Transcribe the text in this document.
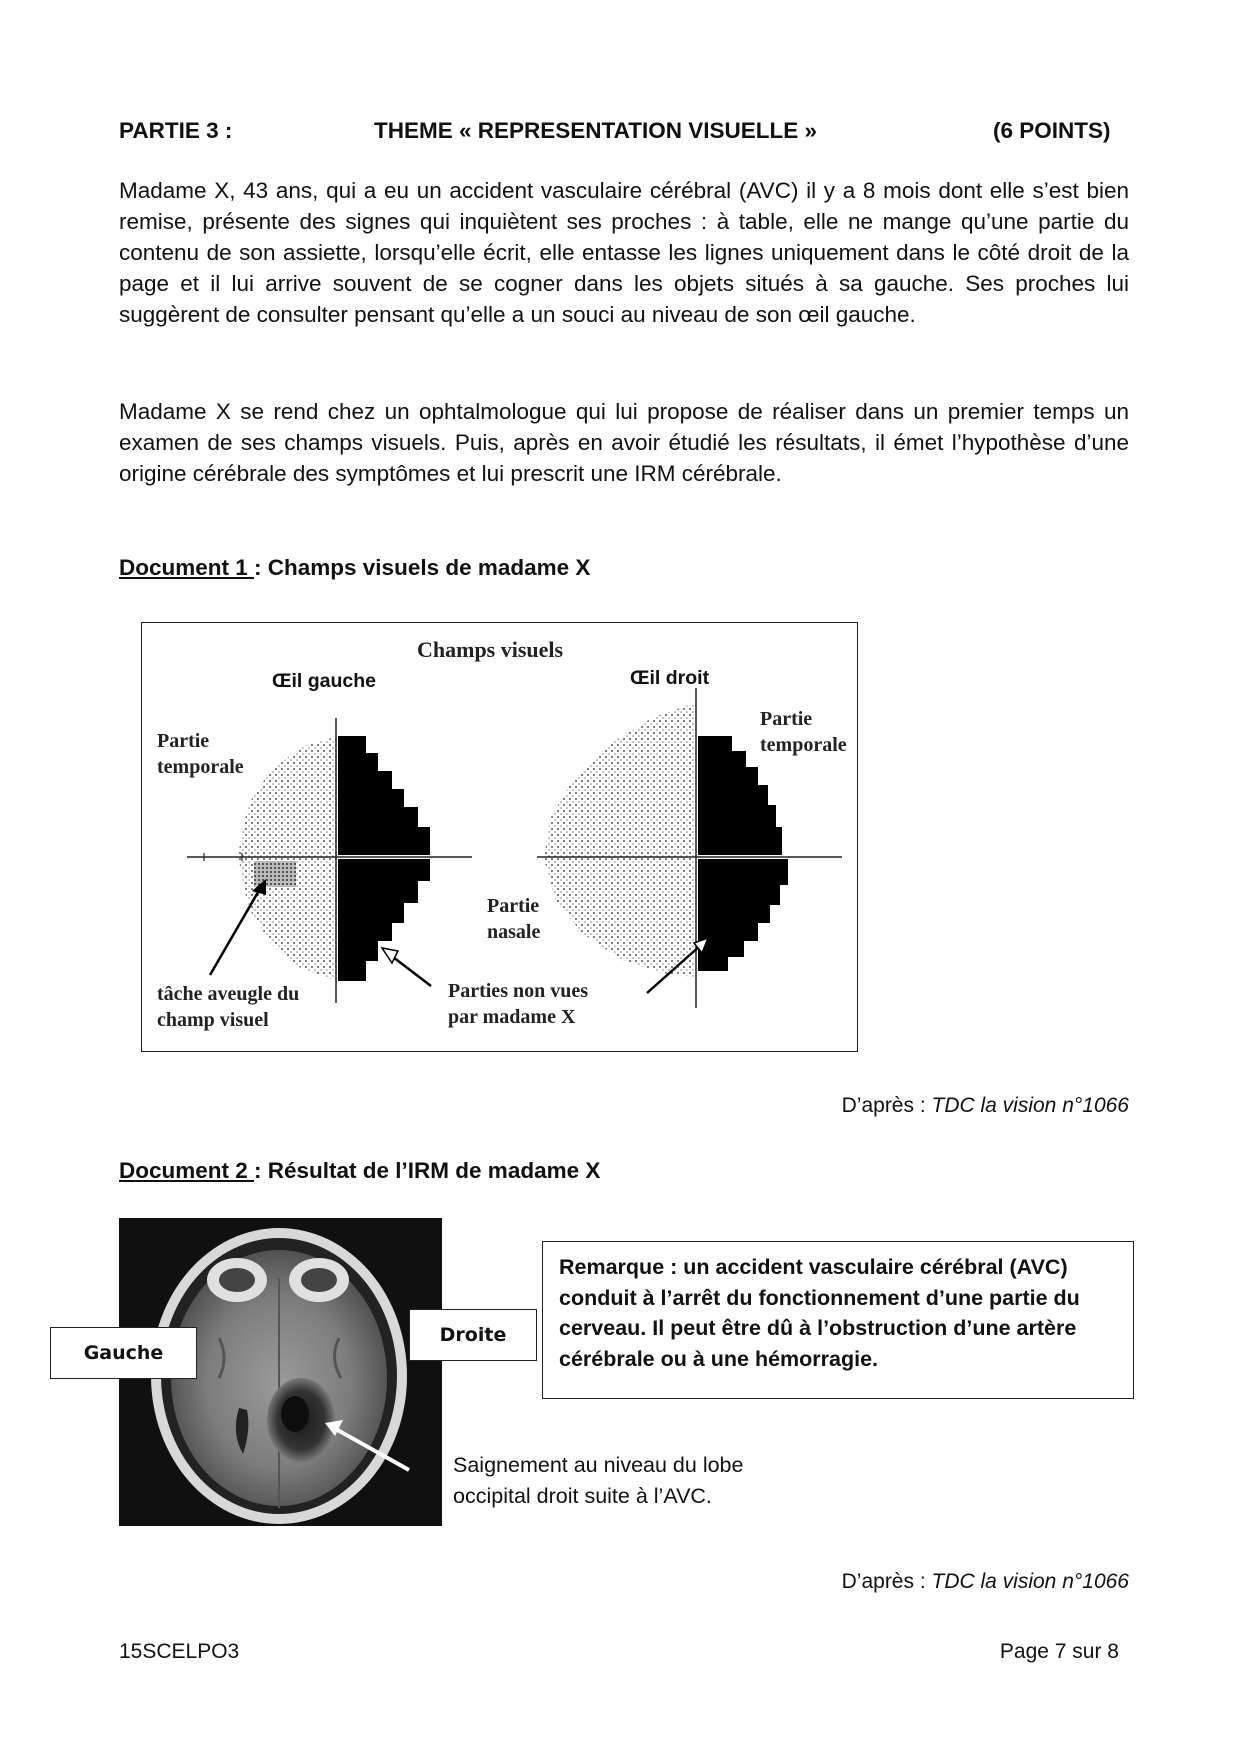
PARTIE 3 :	THEME « REPRESENTATION VISUELLE »	(6 POINTS)

Madame X, 43 ans, qui a eu un accident vasculaire cérébral (AVC) il y a 8 mois dont elle s’est bien remise, présente des signes qui inquiètent ses proches : à table, elle ne mange qu’une partie du contenu de son assiette, lorsqu’elle écrit, elle entasse les lignes uniquement dans le côté droit de la page et il lui arrive souvent de se cogner dans les objets situés à sa gauche. Ses proches lui suggèrent de consulter pensant qu’elle a un souci au niveau de son œil gauche.

Madame X se rend chez un ophtalmologue qui lui propose de réaliser dans un premier temps un examen de ses champs visuels. Puis, après en avoir étudié les résultats, il émet l’hypothèse d’une origine cérébrale des symptômes et lui prescrit une IRM cérébrale.

Document 1 : Champs visuels de madame X
Champs visuels
Œil gauche	Œil droit
Partie
temporale
Partie
temporale
Partie
nasale
tâche aveugle du
champ visuel
Parties non vues
par madame X
D’après : TDC la vision n°1066
Document 2 : Résultat de l’IRM de madame X
Gauche
Droite
Remarque : un accident vasculaire cérébral (AVC) conduit à l’arrêt du fonctionnement d’une partie du cerveau. Il peut être dû à l’obstruction d’une artère cérébrale ou à une hémorragie.
Saignement au niveau du lobe
occipital droit suite à l’AVC.
D’après : TDC la vision n°1066
15SCELPO3	Page 7 sur 8
